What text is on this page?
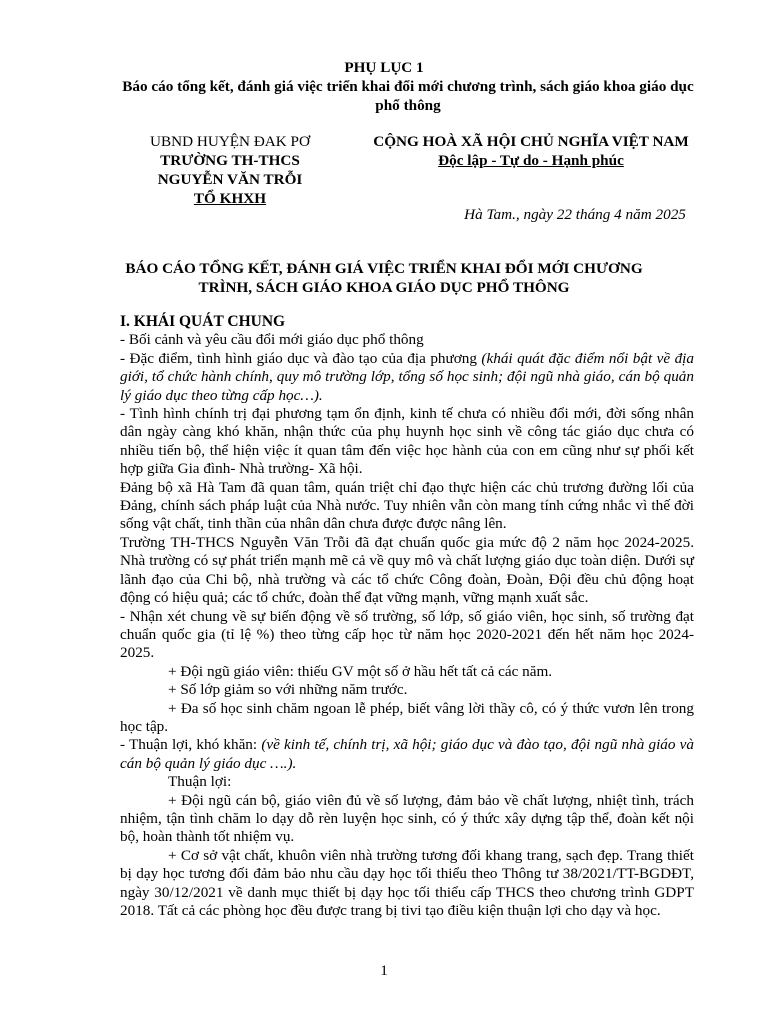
PHỤ LỤC 1
Báo cáo tổng kết, đánh giá việc triển khai đổi mới chương trình, sách giáo khoa giáo dục phổ thông
UBND HUYỆN ĐAK PƠ
TRƯỜNG TH-THCS
NGUYỄN VĂN TRỖI
TỔ KHXH
CỘNG HOÀ XÃ HỘI CHỦ NGHĨA VIỆT NAM
Độc lập - Tự do - Hạnh phúc
Hà Tam., ngày 22 tháng 4 năm 2025
BÁO CÁO TỔNG KẾT, ĐÁNH GIÁ VIỆC TRIỂN KHAI ĐỔI MỚI CHƯƠNG TRÌNH, SÁCH GIÁO KHOA GIÁO DỤC PHỔ THÔNG

I. KHÁI QUÁT CHUNG

- Bối cảnh và yêu cầu đổi mới giáo dục phổ thông

- Đặc điểm, tình hình giáo dục và đào tạo của địa phương (khái quát đặc điểm nổi bật về địa giới, tổ chức hành chính, quy mô trường lớp, tổng số học sinh; đội ngũ nhà giáo, cán bộ quản lý giáo dục theo từng cấp học…).

- Tình hình chính trị đại phương tạm ổn định, kinh tế chưa có nhiều đổi mới, đời sống nhân dân ngày càng khó khăn, nhận thức của phụ huynh học sinh về công tác giáo dục chưa có nhiều tiến bộ, thể hiện việc ít quan tâm đến việc học hành của con em cũng như sự phối kết hợp giữa Gia đình- Nhà trường- Xã hội.

Đảng bộ xã Hà Tam đã quan tâm, quán triệt chỉ đạo thực hiện các chủ trương đường lối của Đảng, chính sách pháp luật của Nhà nước. Tuy nhiên vẫn còn mang tính cứng nhắc vì thế đời sống vật chất, tinh thần của nhân dân chưa được được nâng lên.

Trường TH-THCS Nguyễn Văn Trỗi đã đạt chuẩn quốc gia mức độ 2 năm học 2024-2025. Nhà trường có sự phát triển mạnh mẽ cả về quy mô và chất lượng giáo dục toàn diện. Dưới sự lãnh đạo của Chi bộ, nhà trường và các tổ chức Công đoàn, Đoàn, Đội đều chủ động hoạt động có hiệu quả; các tổ chức, đoàn thể đạt vững mạnh, vững mạnh xuất sắc.

- Nhận xét chung về sự biến động về số trường, số lớp, số giáo viên, học sinh, số trường đạt chuẩn quốc gia (tỉ lệ %) theo từng cấp học từ năm học 2020-2021 đến hết năm học 2024-2025.

+ Đội ngũ giáo viên: thiếu GV một số ở hầu hết tất cả các năm.

+ Số lớp giảm so với những năm trước.

+ Đa số học sinh chăm ngoan lễ phép, biết vâng lời thầy cô, có ý thức vươn lên trong học tập.

- Thuận lợi, khó khăn: (về kinh tế, chính trị, xã hội; giáo dục và đào tạo, đội ngũ nhà giáo và cán bộ quản lý giáo dục ….).

Thuận lợi:

+ Đội ngũ cán bộ, giáo viên đủ về số lượng, đảm bảo về chất lượng, nhiệt tình, trách nhiệm, tận tình chăm lo dạy dỗ rèn luyện học sinh, có ý thức xây dựng tập thể, đoàn kết nội bộ, hoàn thành tốt nhiệm vụ.

+ Cơ sở vật chất, khuôn viên nhà trường tương đối khang trang, sạch đẹp. Trang thiết bị dạy học tương đối đảm bảo nhu cầu dạy học tối thiểu theo Thông tư 38/2021/TT-BGDĐT, ngày 30/12/2021 về danh mục thiết bị dạy học tối thiểu cấp THCS theo chương trình GDPT 2018. Tất cả các phòng học đều được trang bị tivi tạo điều kiện thuận lợi cho dạy và học.

1
